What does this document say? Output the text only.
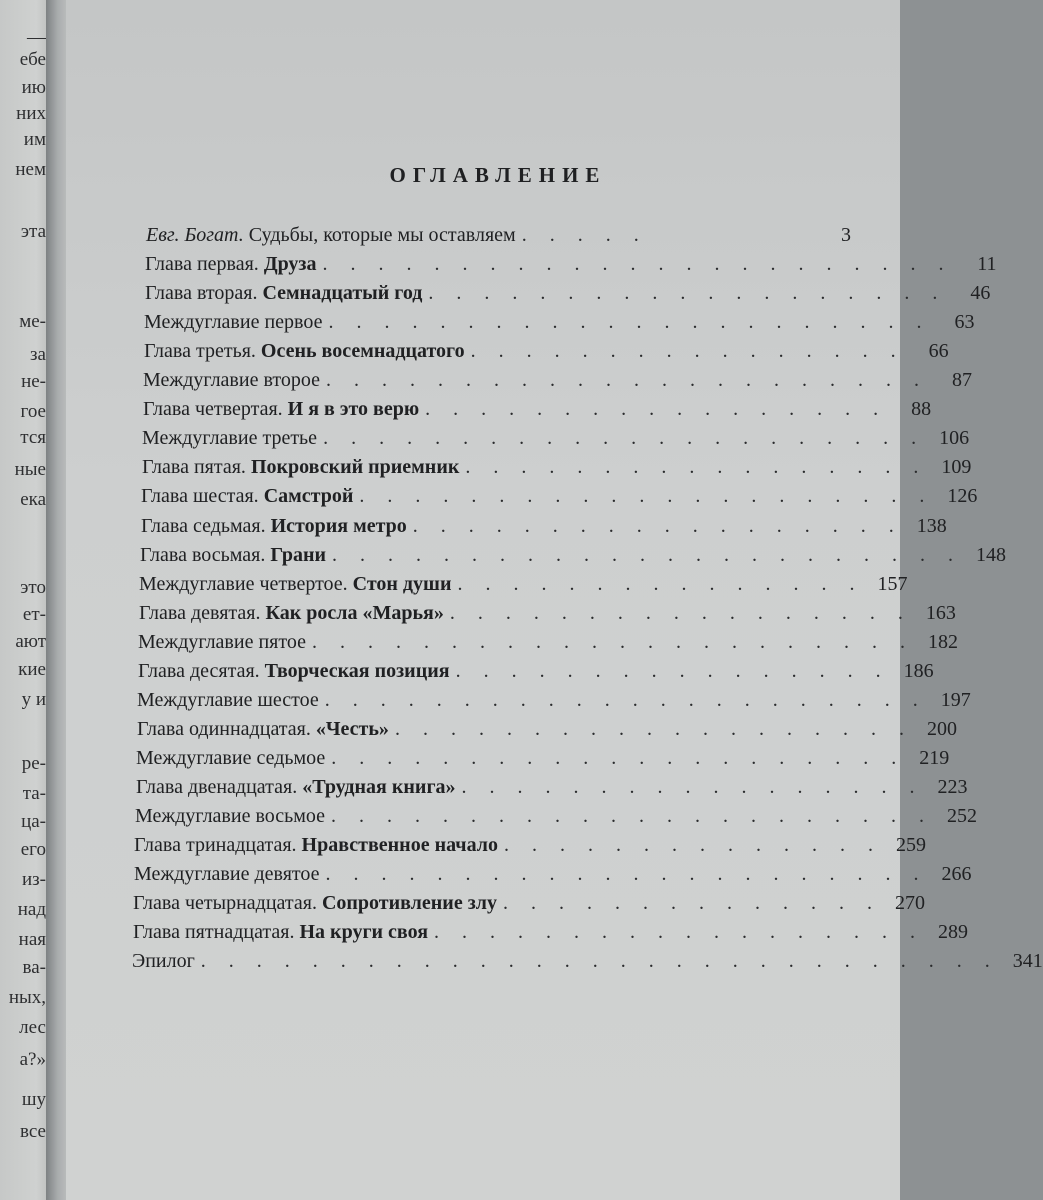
—
ебе
ию
них
им
нем
эта
ме-
за
не-
гое
тся
ные
ека
это
ет-
ают
кие
у и
ре-
та-
ца-
его
из-
над
ная
ва-
ных,
лес
а?»
шу
все
ОГЛАВЛЕНИЕ
Евг. Богат. Судьбы, которые мы оставляем . . . . .	3
Глава первая. Друза . . . . . . . . . . . . . . . . . . . . . . .	11
Глава вторая. Семнадцатый год . . . . . . . . . . . . . . . . . . .	46
Междуглавие первое . . . . . . . . . . . . . . . . . . . . . .	63
Глава третья. Осень восемнадцатого . . . . . . . . . . . . . . . .	66
Междуглавие второе . . . . . . . . . . . . . . . . . . . . . .	87
Глава четвертая. И я в это верю . . . . . . . . . . . . . . . . .	88
Междуглавие третье . . . . . . . . . . . . . . . . . . . . . . 106
Глава пятая. Покровский приемник . . . . . . . . . . . . . . . . . 109
Глава шестая. Самстрой . . . . . . . . . . . . . . . . . . . . . 126
Глава седьмая. История метро . . . . . . . . . . . . . . . . . . 138
Глава восьмая. Грани . . . . . . . . . . . . . . . . . . . . . . . 148
Междуглавие четвертое. Стон души . . . . . . . . . . . . . . . 157
Глава девятая. Как росла «Марья» . . . . . . . . . . . . . . . . . 163
Междуглавие пятое . . . . . . . . . . . . . . . . . . . . . . 182
Глава десятая. Творческая позиция . . . . . . . . . . . . . . . . 186
Междуглавие шестое . . . . . . . . . . . . . . . . . . . . . . 197
Глава одиннадцатая. «Честь» . . . . . . . . . . . . . . . . . . . 200
Междуглавие седьмое . . . . . . . . . . . . . . . . . . . . . 219
Глава двенадцатая. «Трудная книга» . . . . . . . . . . . . . . . . . 223
Междуглавие восьмое . . . . . . . . . . . . . . . . . . . . . . 252
Глава тринадцатая. Нравственное начало . . . . . . . . . . . . . . 259
Междуглавие девятое . . . . . . . . . . . . . . . . . . . . . . 266
Глава четырнадцатая. Сопротивление злу . . . . . . . . . . . . . . 270
Глава пятнадцатая. На круги своя . . . . . . . . . . . . . . . . . . 289
Эпилог . . . . . . . . . . . . . . . . . . . . . . . . . . . . . 341
